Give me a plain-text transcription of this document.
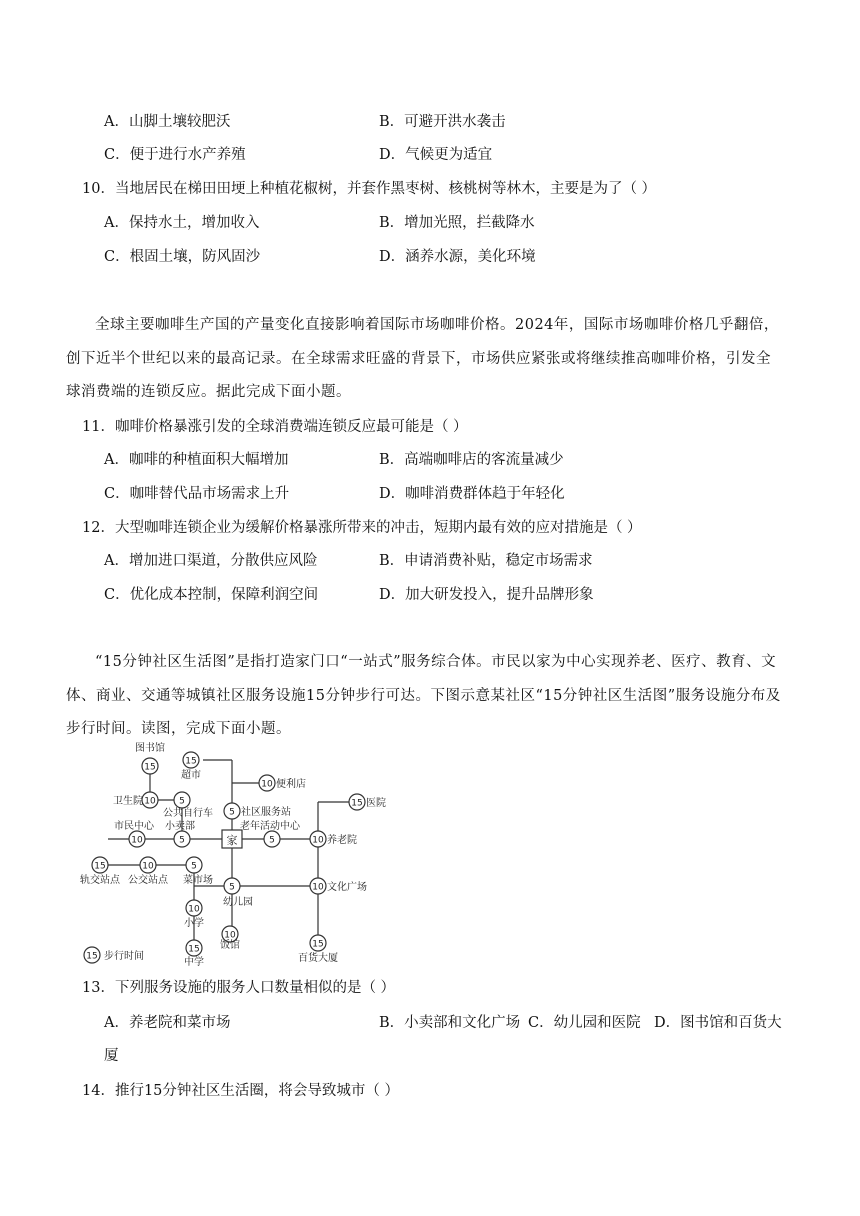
A．山脚土壤较肥沃	B．可避开洪水袭击
C．便于进行水产养殖	D．气候更为适宜
10．当地居民在梯田田埂上种植花椒树，并套作黑枣树、核桃树等林木，主要是为了（ ）
A．保持水土，增加收入	B．增加光照，拦截降水
C．根固土壤，防风固沙	D．涵养水源，美化环境
全球主要咖啡生产国的产量变化直接影响着国际市场咖啡价格。2024年，国际市场咖啡价格几乎翻倍，创下近半个世纪以来的最高记录。在全球需求旺盛的背景下，市场供应紧张或将继续推高咖啡价格，引发全球消费端的连锁反应。据此完成下面小题。
11．咖啡价格暴涨引发的全球消费端连锁反应最可能是（ ）
A．咖啡的种植面积大幅增加	B．高端咖啡店的客流量减少
C．咖啡替代品市场需求上升	D．咖啡消费群体趋于年轻化
12．大型咖啡连锁企业为缓解价格暴涨所带来的冲击，短期内最有效的应对措施是（ ）
A．增加进口渠道，分散供应风险	B．申请消费补贴，稳定市场需求
C．优化成本控制，保障利润空间	D．加大研发投入，提升品牌形象
“15分钟社区生活图”是指打造家门口“一站式”服务综合体。市民以家为中心实现养老、医疗、教育、文体、商业、交通等城镇社区服务设施15分钟步行可达。下图示意某社区“15分钟社区生活图”服务设施分布及步行时间。读图，完成下面小题。
家
15
图书馆
15
超市
10 便利店
10
卫生院	5
公共自行车 5 社区服务站
15 医院
10
市民中心
5
小卖部
5
老年活动中心
10 养老院
15
轨交站点
10
公交站点
5
菜市场
5
幼儿园
10 文化广场
10
小学
10
饭馆
15
中学
15
百货大厦
15 步行时间
13．下列服务设施的服务人口数量相似的是（ ）
A．养老院和菜市场	B．小卖部和文化广场 C．幼儿园和医院 D．图书馆和百货大
厦
14．推行15分钟社区生活圈，将会导致城市（ ）
